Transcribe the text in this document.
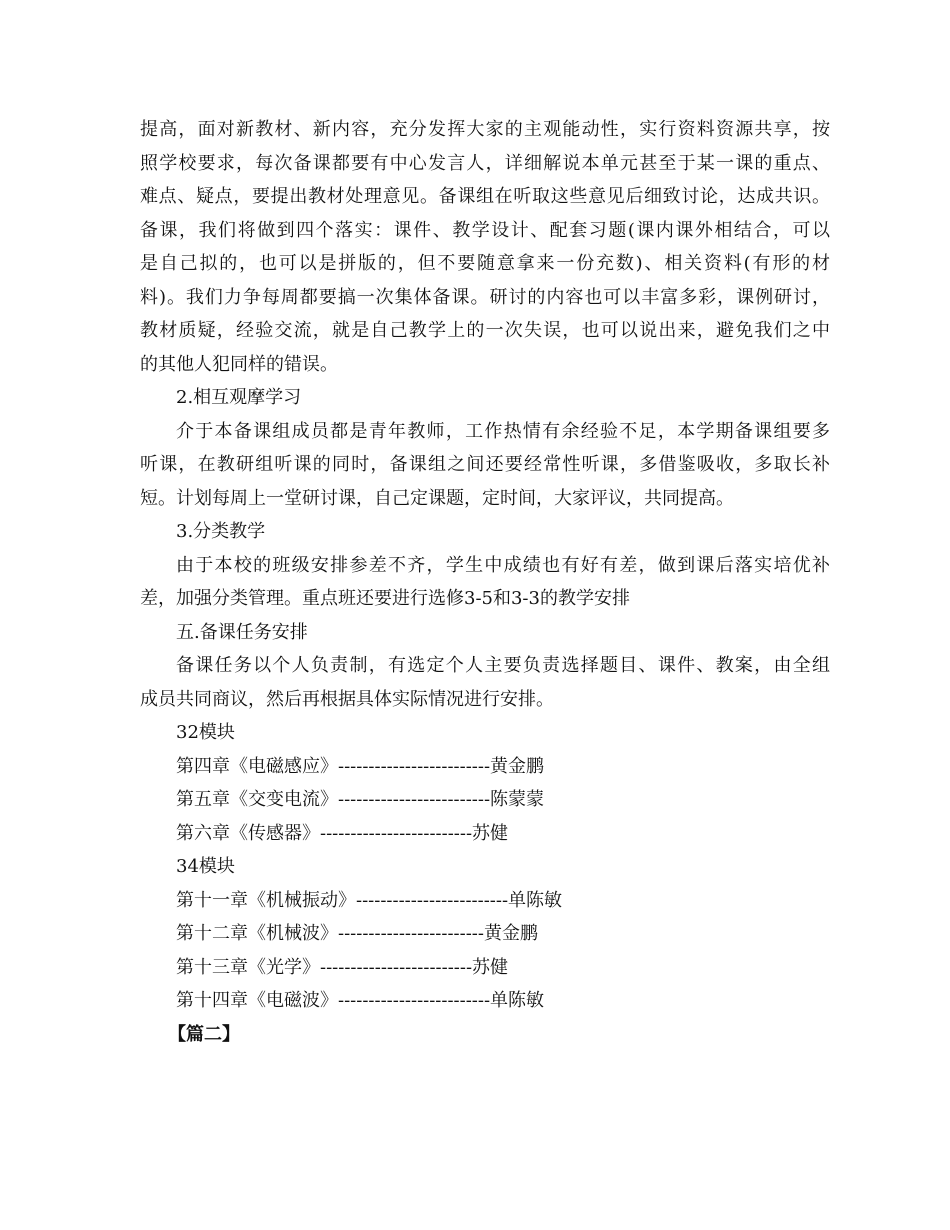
提高，面对新教材、新内容，充分发挥大家的主观能动性，实行资料资源共享，按
照学校要求，每次备课都要有中心发言人，详细解说本单元甚至于某一课的重点、
难点、疑点，要提出教材处理意见。备课组在听取这些意见后细致讨论，达成共识。
备课，我们将做到四个落实：课件、教学设计、配套习题(课内课外相结合，可以
是自己拟的，也可以是拼版的，但不要随意拿来一份充数)、相关资料(有形的材
料)。我们力争每周都要搞一次集体备课。研讨的内容也可以丰富多彩，课例研讨，
教材质疑，经验交流，就是自己教学上的一次失误，也可以说出来，避免我们之中
的其他人犯同样的错误。
2.相互观摩学习
介于本备课组成员都是青年教师，工作热情有余经验不足，本学期备课组要多
听课，在教研组听课的同时，备课组之间还要经常性听课，多借鉴吸收，多取长补
短。计划每周上一堂研讨课，自己定课题，定时间，大家评议，共同提高。
3.分类教学
由于本校的班级安排参差不齐，学生中成绩也有好有差，做到课后落实培优补
差，加强分类管理。重点班还要进行选修3-5和3-3的教学安排
五.备课任务安排
备课任务以个人负责制，有选定个人主要负责选择题目、课件、教案，由全组
成员共同商议，然后再根据具体实际情况进行安排。
32模块
第四章《电磁感应》-------------------------黄金鹏
第五章《交变电流》-------------------------陈蒙蒙
第六章《传感器》-------------------------苏健
34模块
第十一章《机械振动》-------------------------单陈敏
第十二章《机械波》------------------------黄金鹏
第十三章《光学》-------------------------苏健
第十四章《电磁波》-------------------------单陈敏
【篇二】
